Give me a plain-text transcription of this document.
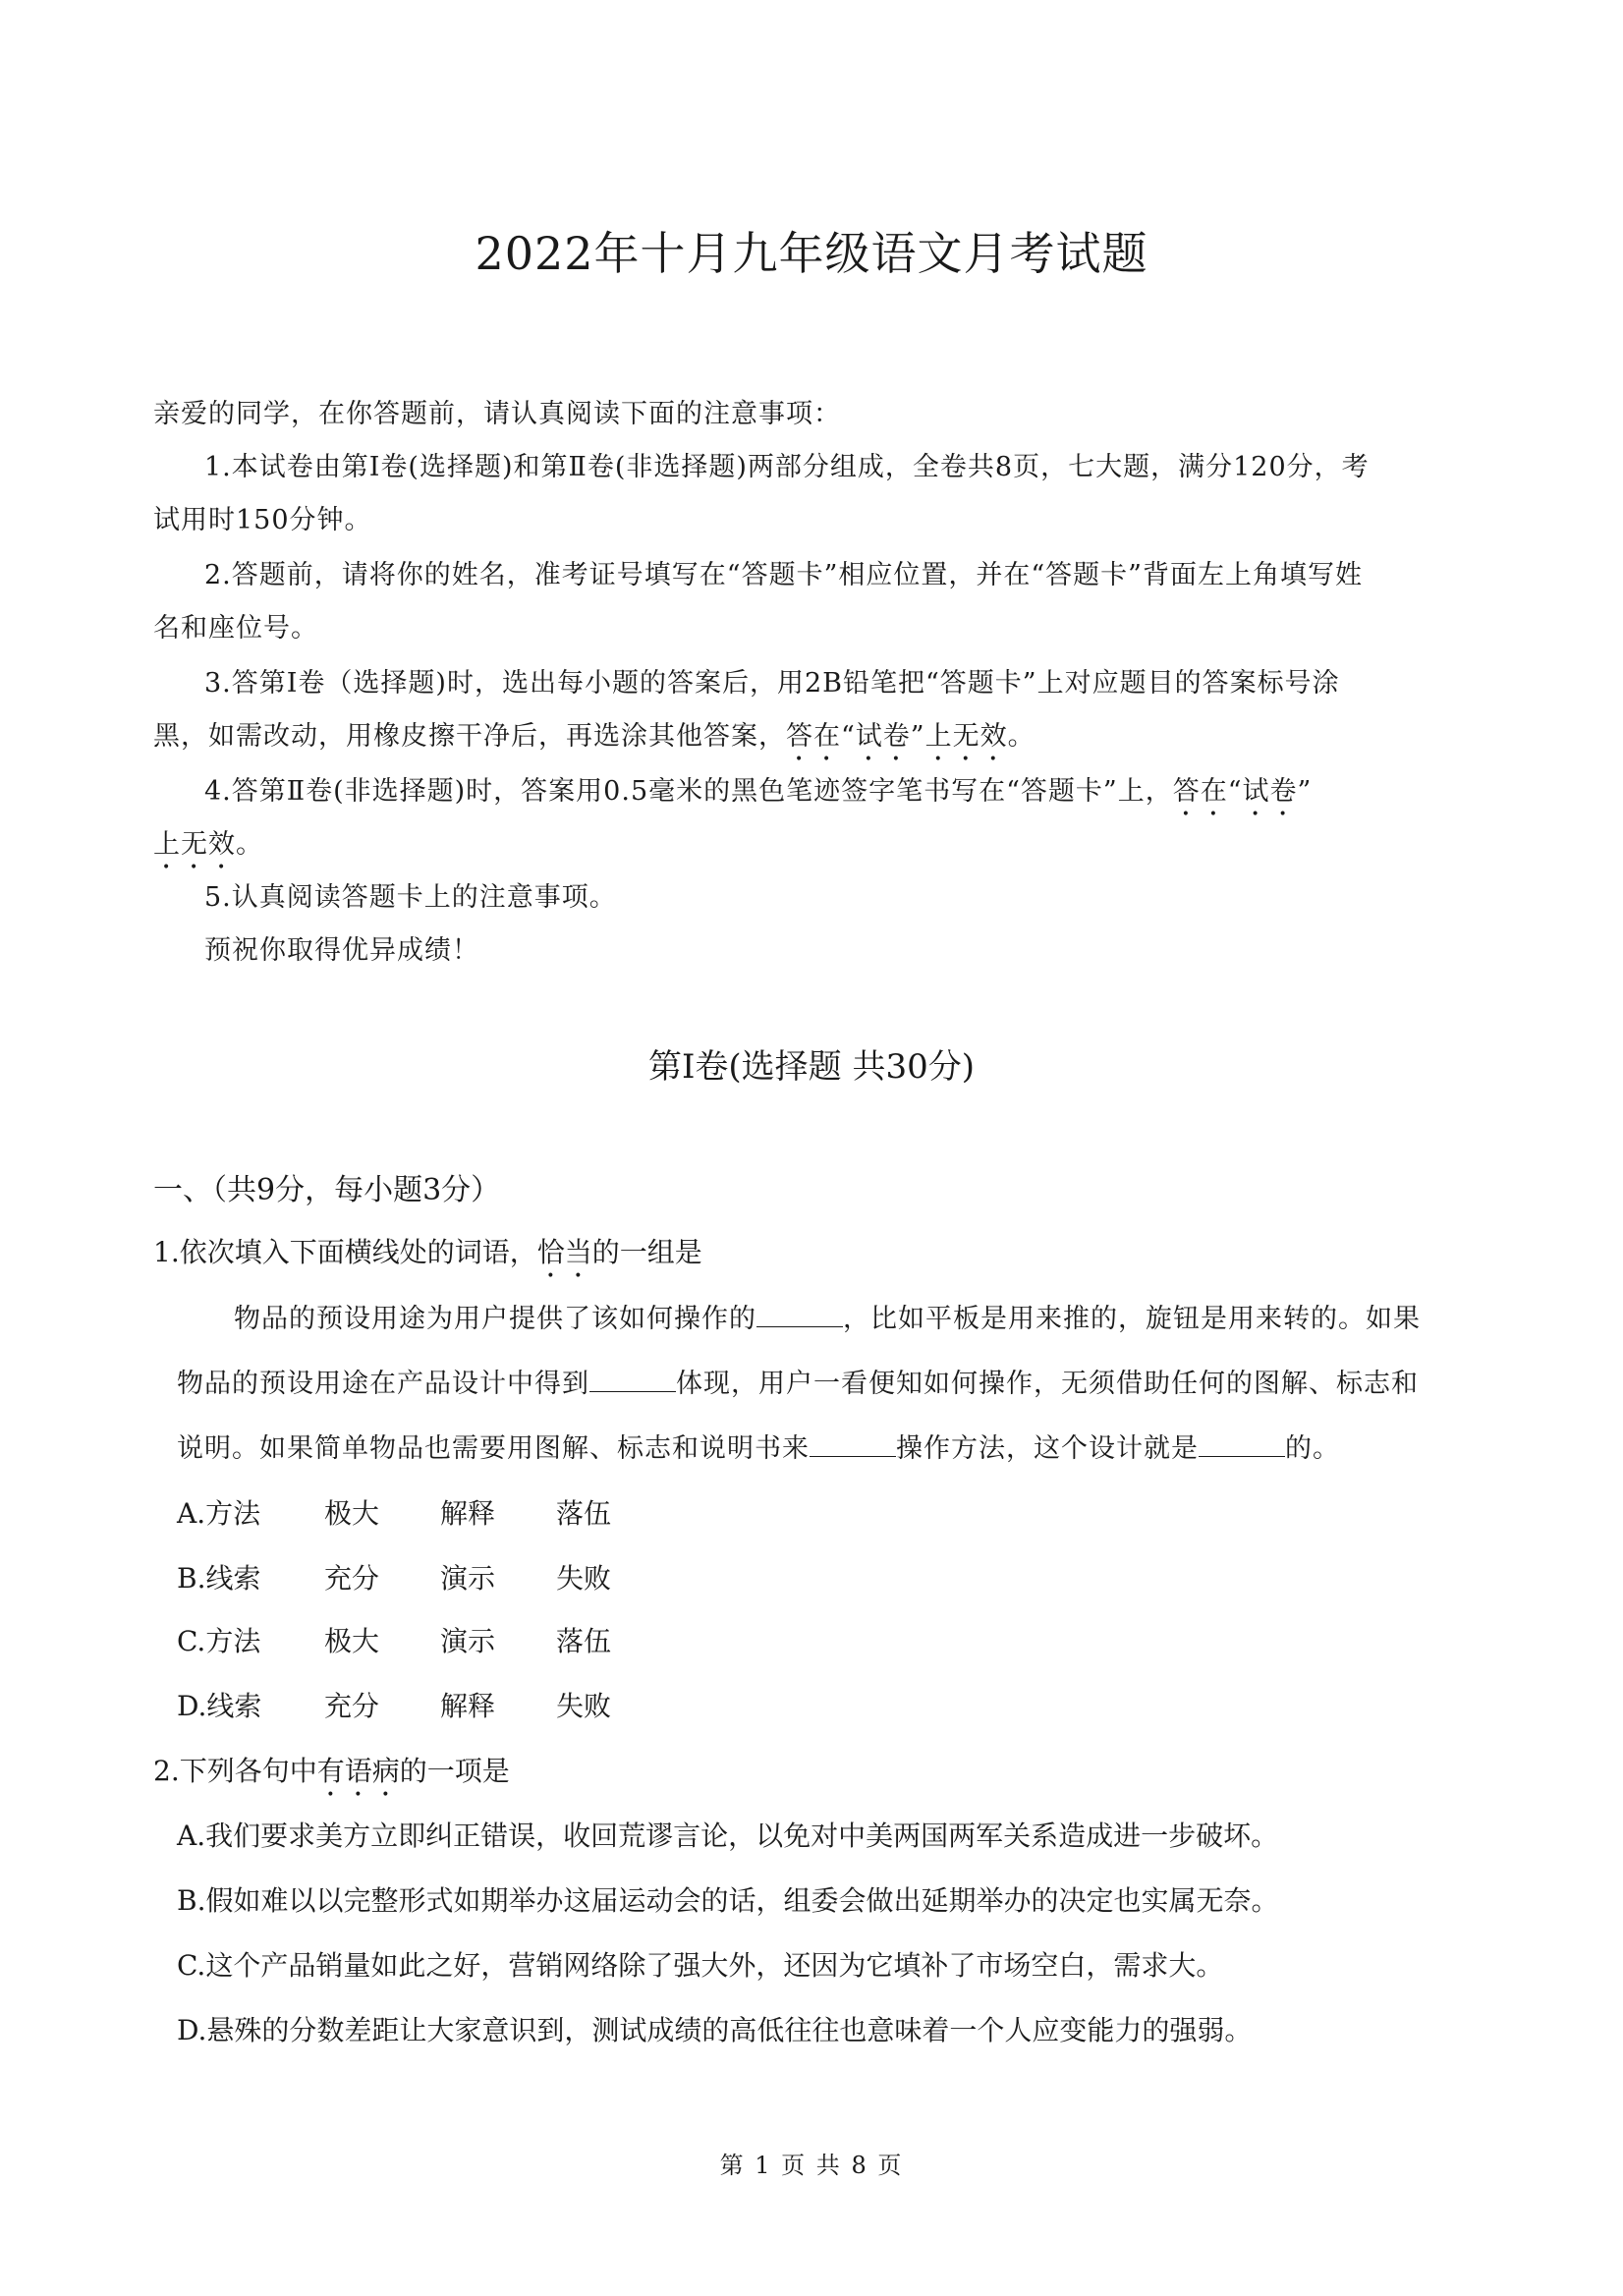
2022年十月九年级语文月考试题
亲爱的同学，在你答题前，请认真阅读下面的注意事项：
1.本试卷由第Ⅰ卷(选择题)和第Ⅱ卷(非选择题)两部分组成，全卷共8页，七大题，满分120分，考
试用时150分钟。
2.答题前，请将你的姓名，准考证号填写在“答题卡”相应位置，并在“答题卡”背面左上角填写姓
名和座位号。
3.答第Ⅰ卷（选择题)时，选出每小题的答案后，用2B铅笔把“答题卡”上对应题目的答案标号涂
黑，如需改动，用橡皮擦干净后，再选涂其他答案，答在“试卷”上无效。
4.答第Ⅱ卷(非选择题)时，答案用0.5毫米的黑色笔迹签字笔书写在“答题卡”上，答在“试卷”
上无效。
5.认真阅读答题卡上的注意事项。
预祝你取得优异成绩！
第Ⅰ卷(选择题 共30分)
一、（共9分，每小题3分）
1.依次填入下面横线处的词语，恰当的一组是
物品的预设用途为用户提供了该如何操作的	，比如平板是用来推的，旋钮是用来转的。如果
物品的预设用途在产品设计中得到	体现，用户一看便知如何操作，无须借助任何的图解、标志和
说明。如果简单物品也需要用图解、标志和说明书来	操作方法，这个设计就是	的。
A.方法 极大 解释 落伍
B.线索 充分 演示 失败
C.方法 极大 演示 落伍
D.线索 充分 解释 失败
2.下列各句中有语病的一项是
A.我们要求美方立即纠正错误，收回荒谬言论，以免对中美两国两军关系造成进一步破坏。
B.假如难以以完整形式如期举办这届运动会的话，组委会做出延期举办的决定也实属无奈。
C.这个产品销量如此之好，营销网络除了强大外，还因为它填补了市场空白，需求大。
D.悬殊的分数差距让大家意识到，测试成绩的高低往往也意味着一个人应变能力的强弱。
第 1 页 共 8 页
